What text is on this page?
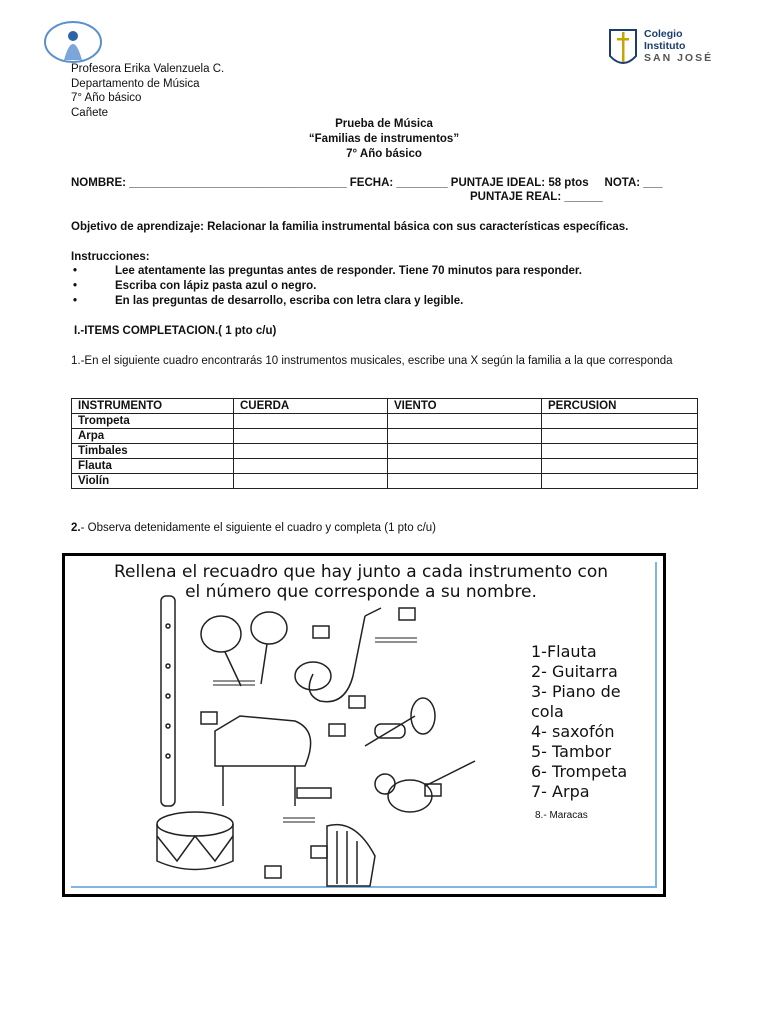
Colegio
Instituto
SAN JOSÉ
Profesora Erika Valenzuela C.
Departamento de Música
7° Año básico
Cañete
Prueba de Música
“Familias de instrumentos”
7° Año básico
NOMBRE: __________________________________ FECHA: ________ PUNTAJE IDEAL: 58 ptos     NOTA: ___
PUNTAJE REAL: ______
Objetivo de aprendizaje: Relacionar la familia instrumental básica con sus características específicas.
Instrucciones:
•	Lee atentamente las preguntas antes de responder. Tiene 70 minutos para responder.
•	Escriba con lápiz pasta azul o negro.
•	En las preguntas de desarrollo, escriba con letra clara y legible.
I.-ITEMS COMPLETACION.( 1 pto c/u)
1.-En el siguiente cuadro encontrarás 10 instrumentos musicales, escribe una X según la familia a la que corresponda
INSTRUMENTO	CUERDA	VIENTO	PERCUSION
Trompeta			
Arpa			
Timbales			
Flauta			
Violín			
2.- Observa detenidamente el siguiente el cuadro y completa (1 pto c/u)
Rellena el recuadro que hay junto a cada instrumento con
el número que corresponde a su nombre.
1-Flauta
2- Guitarra
3- Piano de
cola
4- saxofón
5- Tambor
6- Trompeta
7- Arpa
8.- Maracas
